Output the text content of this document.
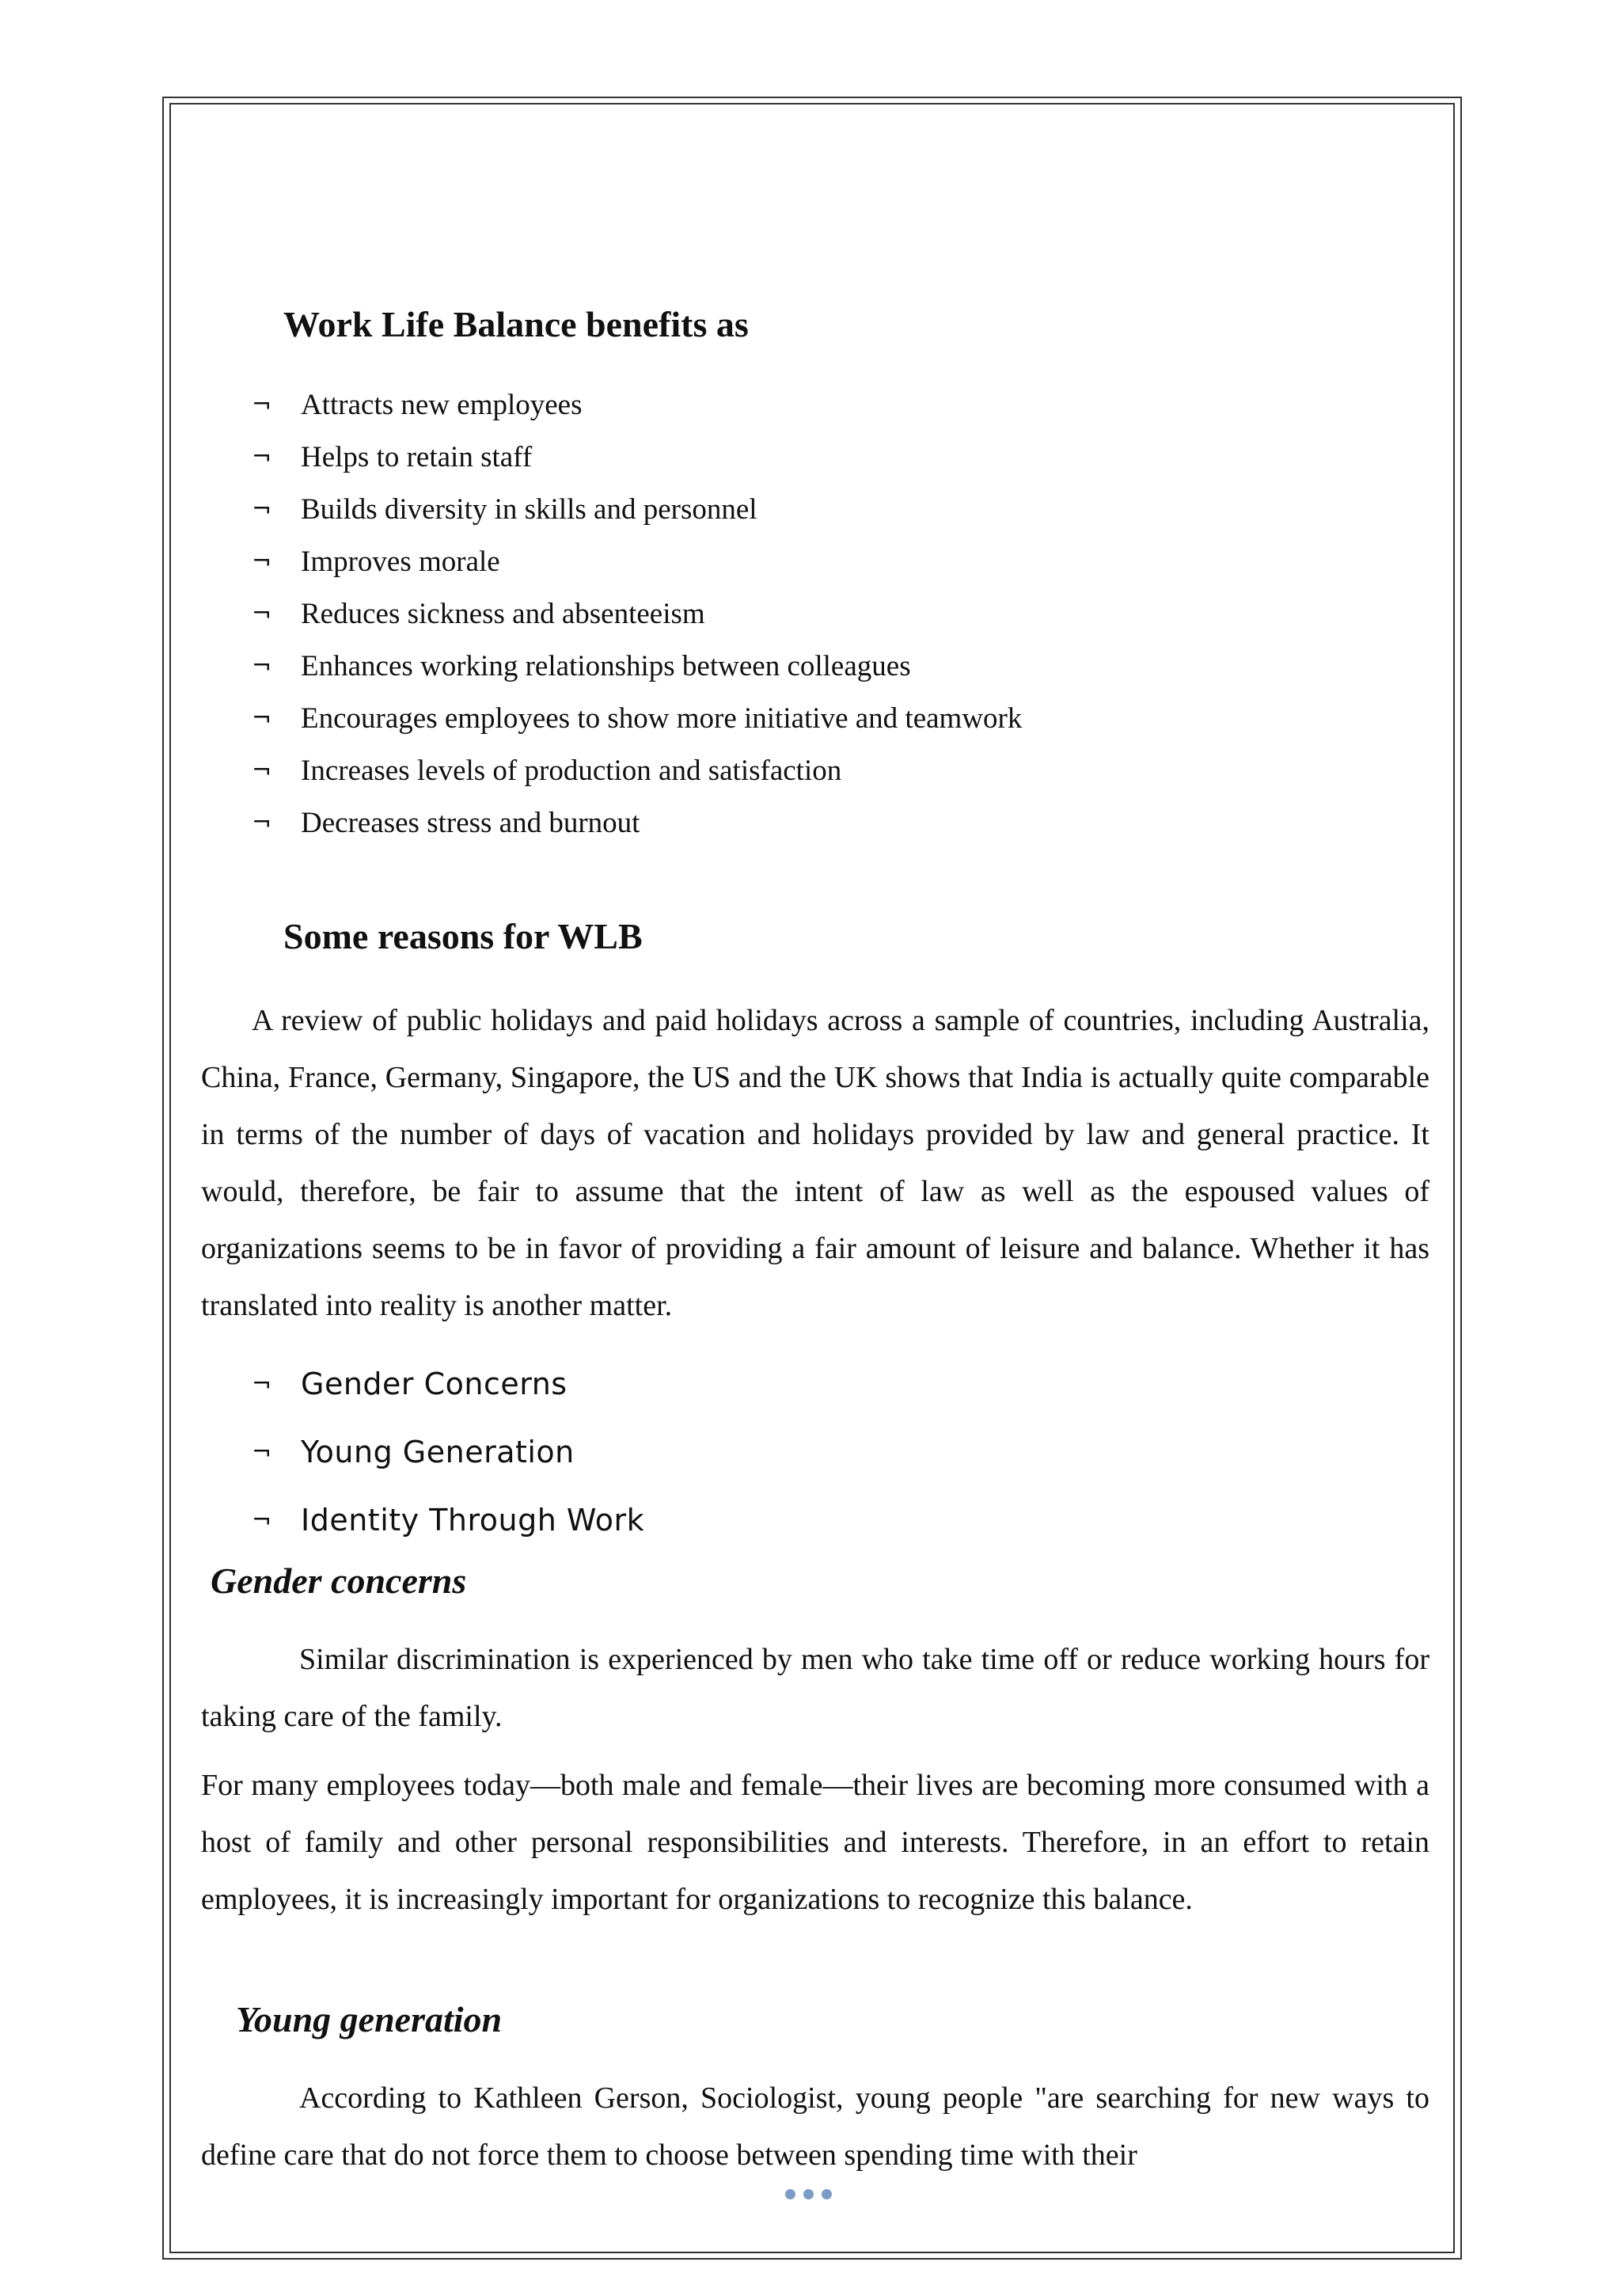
Work Life Balance benefits as
¬ Attracts new employees
¬ Helps to retain staff
¬ Builds diversity in skills and personnel
¬ Improves morale
¬ Reduces sickness and absenteeism
¬ Enhances working relationships between colleagues
¬ Encourages employees to show more initiative and teamwork
¬ Increases levels of production and satisfaction
¬ Decreases stress and burnout
Some reasons for WLB

A review of public holidays and paid holidays across a sample of countries, including Australia, China, France, Germany, Singapore, the US and the UK shows that India is actually quite comparable in terms of the number of days of vacation and holidays provided by law and general practice. It would, therefore, be fair to assume that the intent of law as well as the espoused values of organizations seems to be in favor of providing a fair amount of leisure and balance. Whether it has translated into reality is another matter.

¬ Gender Concerns
¬ Young Generation
¬ Identity Through Work
Gender concerns

Similar discrimination is experienced by men who take time off or reduce working hours for taking care of the family.

For many employees today—both male and female—their lives are becoming more consumed with a host of family and other personal responsibilities and interests. Therefore, in an effort to retain employees, it is increasingly important for organizations to recognize this balance.

Young generation

According to Kathleen Gerson, Sociologist, young people "are searching for new ways to define care that do not force them to choose between spending time with their
